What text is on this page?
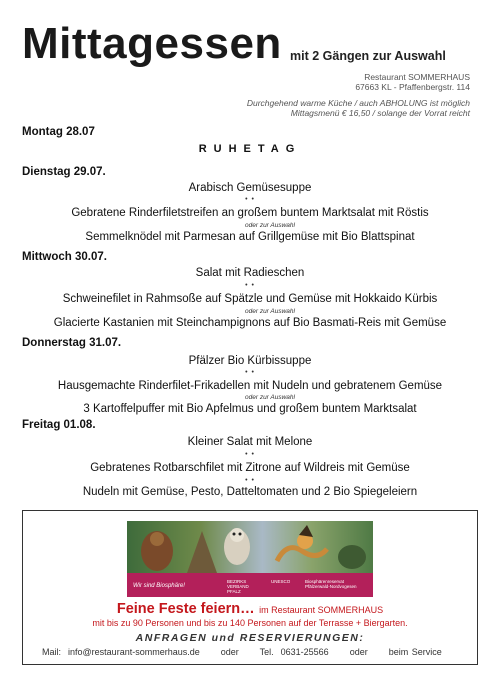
Mittagessen mit 2 Gängen zur Auswahl
Restaurant SOMMERHAUS
67663 KL - Pfaffenbergstr. 114
Durchgehend warme Küche / auch ABHOLUNG ist möglich
Mittagsmenü € 16,50 / solange der Vorrat reicht
Montag 28.07
RUHETAG
Dienstag 29.07.
Arabisch Gemüsesuppe
• •
Gebratene Rinderfiletstreifen an großem buntem Marktsalat mit Röstis
oder zur Auswahl
Semmelknödel mit Parmesan auf Grillgemüse mit Bio Blattspinat
Mittwoch 30.07.
Salat mit Radieschen
• •
Schweinefilet in Rahmsoße auf Spätzle und Gemüse mit Hokkaido Kürbis
oder zur Auswahl
Glacierte Kastanien mit Steinchampignons auf Bio Basmati-Reis mit Gemüse
Donnerstag 31.07.
Pfälzer Bio Kürbissuppe
• •
Hausgemachte Rinderfilet-Frikadellen mit Nudeln und gebratenem Gemüse
oder zur Auswahl
3 Kartoffelpuffer mit Bio Apfelmus und großem buntem Marktsalat
Freitag 01.08.
Kleiner Salat mit Melone
• •
Gebratenes Rotbarschfilet mit Zitrone auf Wildreis mit Gemüse
• •
Nudeln mit Gemüse, Pesto, Datteltomaten und 2 Bio Spiegeleiern
Wir sind Biosphäre!
BEZIRKS VERBAND PFALZ
UNESCO	Biosphärenreservat Pfälzerwald-Nordvogesen
Feine Feste feiern… im Restaurant SOMMERHAUS
mit bis zu 90 Personen und bis zu 140 Personen auf der Terrasse + Biergarten.
ANFRAGEN und RESERVIERUNGEN:
Mail: info@restaurant-sommerhaus.de oder Tel. 0631-25566 oder beim Service
